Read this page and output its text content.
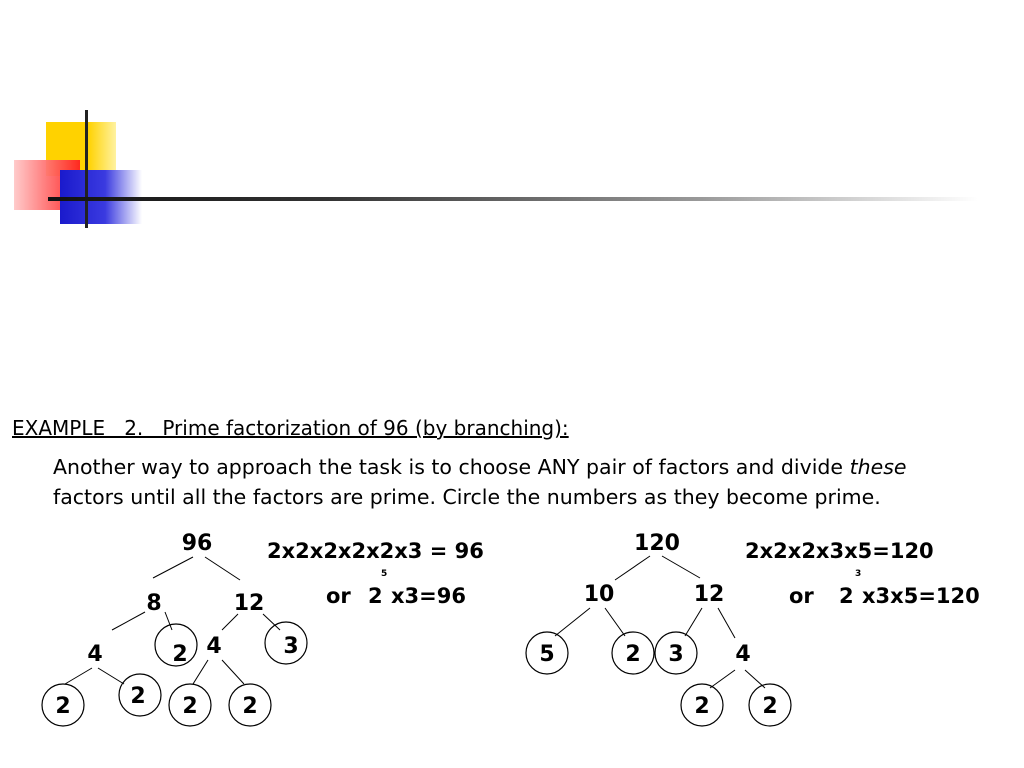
EXAMPLE   2.   Prime factorization of 96 (by branching):
Another way to approach the task is to choose ANY pair of factors and divide these
factors until all the factors are prime. Circle the numbers as they become prime.
96
8	12
4	2 4	3
2	2 2 2
2x2x2x2x2x3 = 96
or 2
5
x3=96
120
10	12
5	2 3 4
2 2
2x2x2x3x5=120
or 2
3
x3x5=120
